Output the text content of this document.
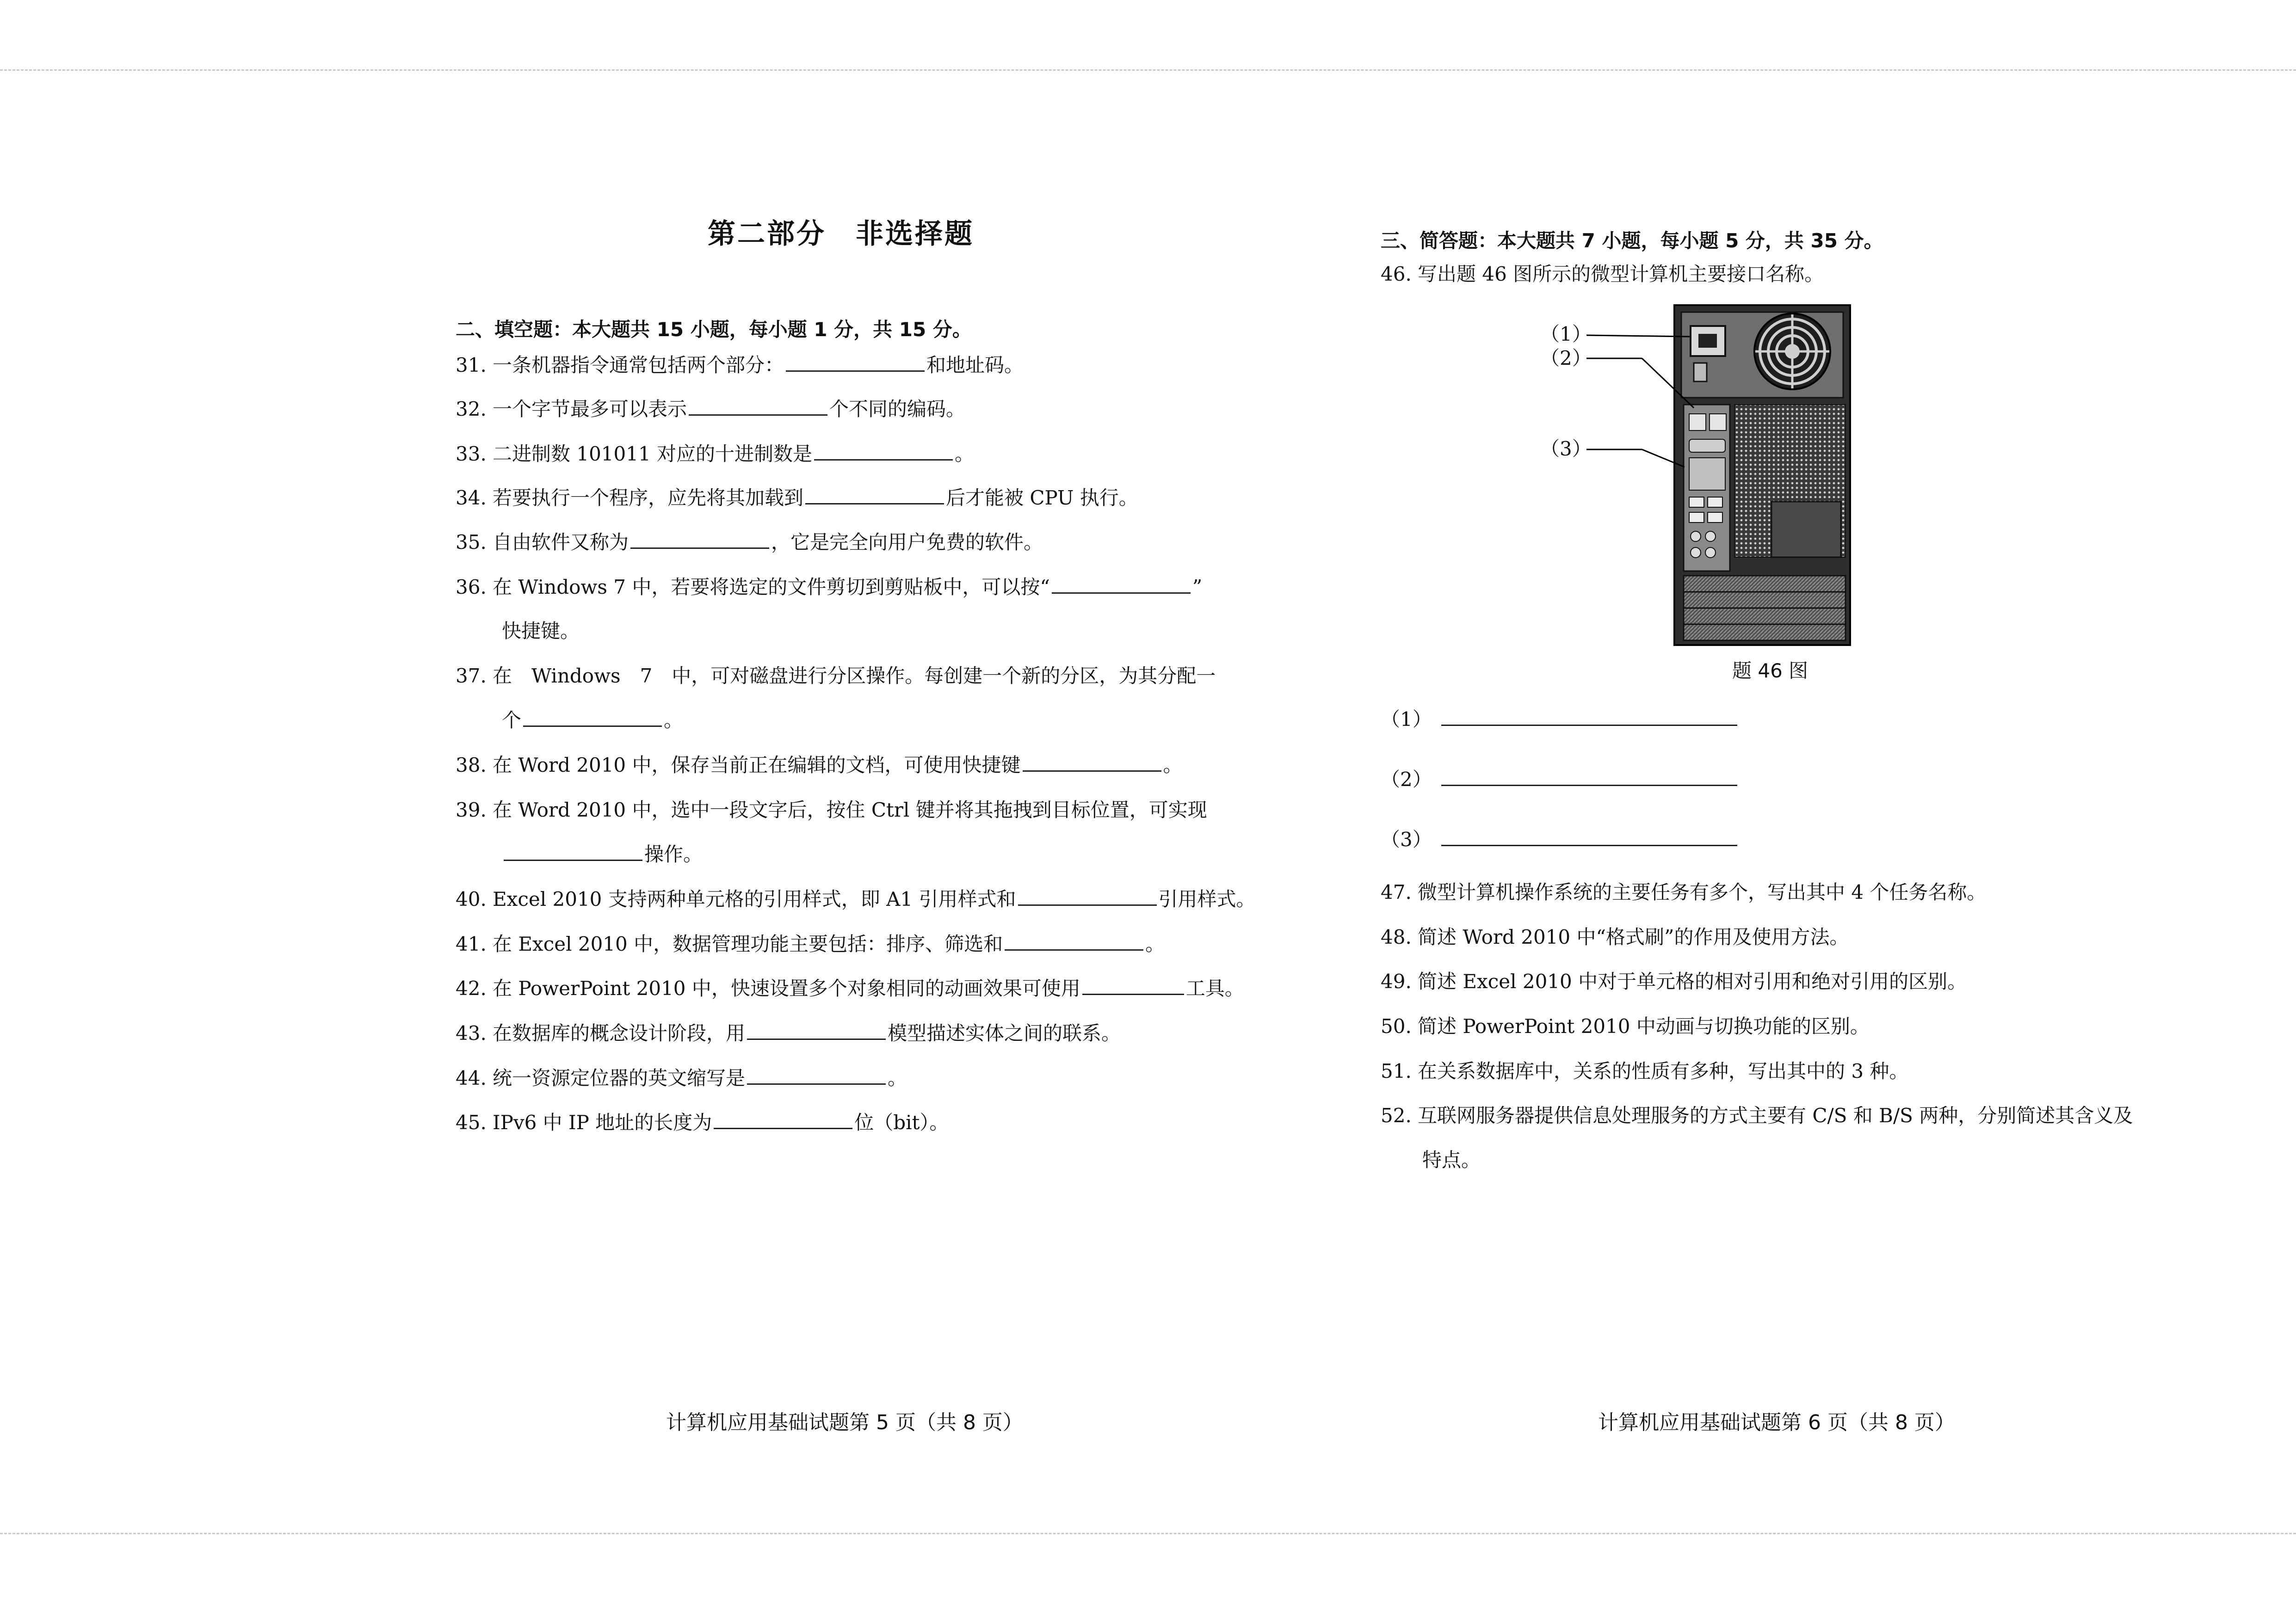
第二部分　非选择题
二、填空题：本大题共 15 小题，每小题 1 分，共 15 分。
31. 一条机器指令通常包括两个部分：	和地址码。
32. 一个字节最多可以表示	个不同的编码。
33. 二进制数 101011 对应的十进制数是	。
34. 若要执行一个程序，应先将其加载到	后才能被 CPU 执行。
35. 自由软件又称为	，它是完全向用户免费的软件。
36. 在 Windows 7 中，若要将选定的文件剪切到剪贴板中，可以按“	”
快捷键。
37. 在　Windows　7　中，可对磁盘进行分区操作。每创建一个新的分区，为其分配一
个	。
38. 在 Word 2010 中，保存当前正在编辑的文档，可使用快捷键	。
39. 在 Word 2010 中，选中一段文字后，按住 Ctrl 键并将其拖拽到目标位置，可实现
操作。
40. Excel 2010 支持两种单元格的引用样式，即 A1 引用样式和	引用样式。
41. 在 Excel 2010 中，数据管理功能主要包括：排序、筛选和	。
42. 在 PowerPoint 2010 中，快速设置多个对象相同的动画效果可使用	工具。
43. 在数据库的概念设计阶段，用	模型描述实体之间的联系。
44. 统一资源定位器的英文缩写是	。
45. IPv6 中 IP 地址的长度为	位（bit）。
计算机应用基础试题第 5 页（共 8 页）
三、简答题：本大题共 7 小题，每小题 5 分，共 35 分。
46. 写出题 46 图所示的微型计算机主要接口名称。
（1）
（2）
（3）
题 46 图
（1）
（2）
（3）
47. 微型计算机操作系统的主要任务有多个，写出其中 4 个任务名称。
48. 简述 Word 2010 中“格式刷”的作用及使用方法。
49. 简述 Excel 2010 中对于单元格的相对引用和绝对引用的区别。
50. 简述 PowerPoint 2010 中动画与切换功能的区别。
51. 在关系数据库中，关系的性质有多种，写出其中的 3 种。
52. 互联网服务器提供信息处理服务的方式主要有 C/S 和 B/S 两种，分别简述其含义及
特点。
计算机应用基础试题第 6 页（共 8 页）
